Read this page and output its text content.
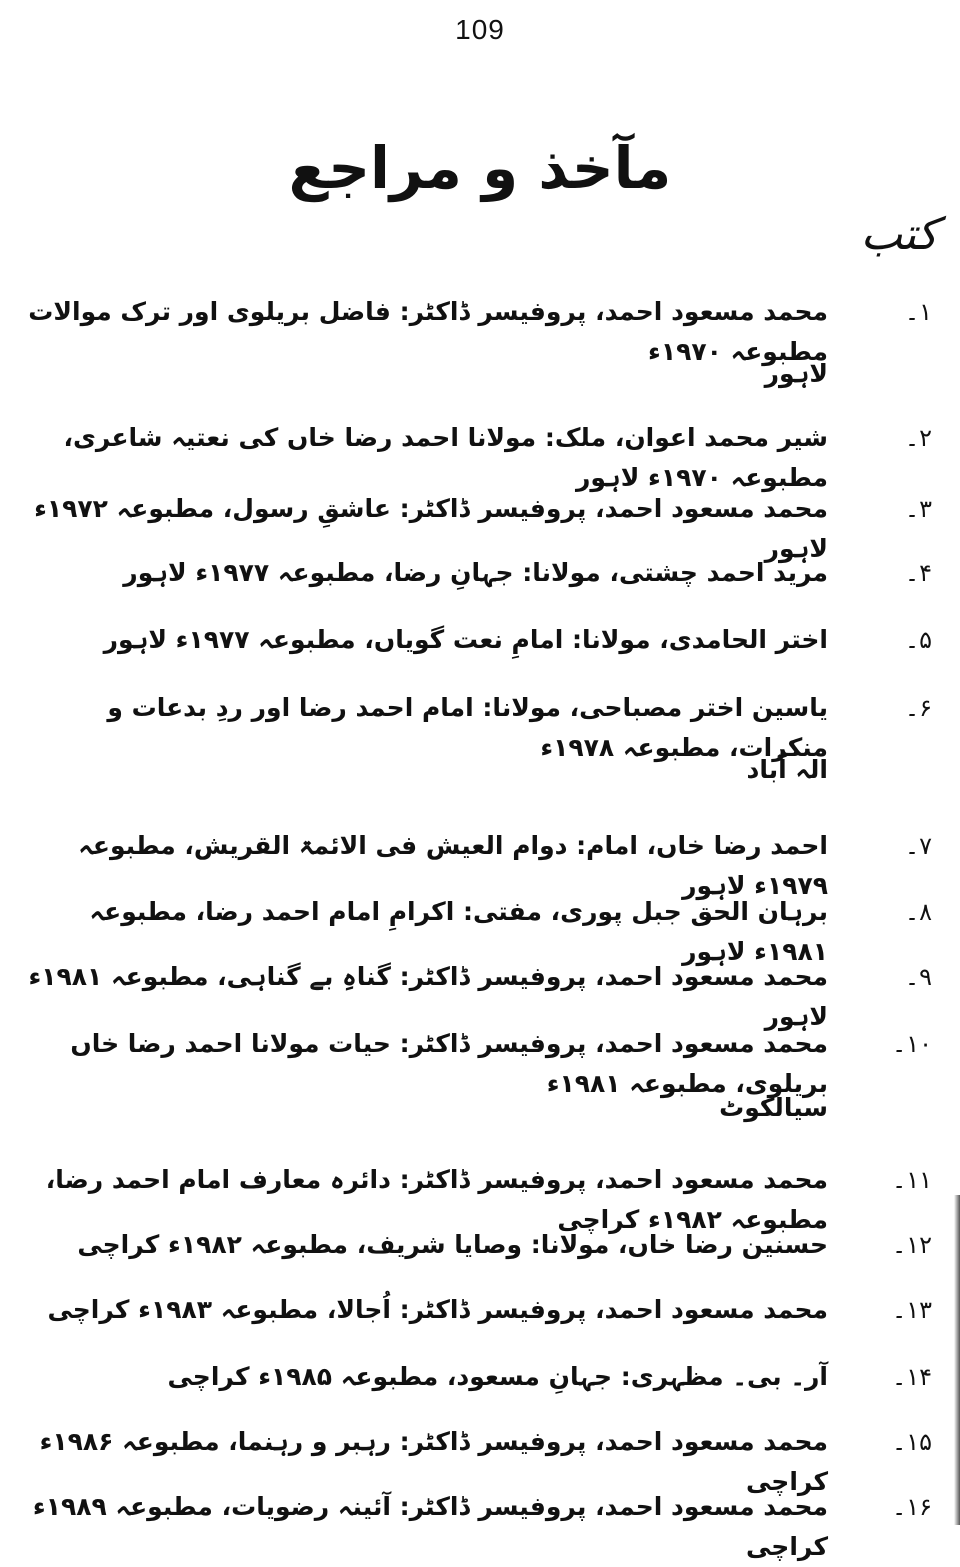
109
مآخذ و مراجع
کتب
۱۔
محمد مسعود احمد، پروفیسر ڈاکٹر: فاضل بریلوی اور ترک موالات مطبوعہ ۱۹۷۰ء
لاہور
۲۔
شیر محمد اعوان، ملک: مولانا احمد رضا خاں کی نعتیہ شاعری، مطبوعہ ۱۹۷۰ء لاہور
۳۔
محمد مسعود احمد، پروفیسر ڈاکٹر: عاشقِ رسول، مطبوعہ ۱۹۷۲ء لاہور
۴۔
مرید احمد چشتی، مولانا: جہانِ رضا، مطبوعہ ۱۹۷۷ء لاہور
۵۔
اختر الحامدی، مولانا: امامِ نعت گویاں، مطبوعہ ۱۹۷۷ء لاہور
۶۔
یاسین اختر مصباحی، مولانا: امام احمد رضا اور ردِ بدعات و منکرات، مطبوعہ ۱۹۷۸ء
الہ آباد
۷۔
احمد رضا خاں، امام: دوام العیش فی الائمۃ القریش، مطبوعہ ۱۹۷۹ء لاہور
۸۔
برہان الحق جبل پوری، مفتی: اکرامِ امام احمد رضا، مطبوعہ ۱۹۸۱ء لاہور
۹۔
محمد مسعود احمد، پروفیسر ڈاکٹر: گناہِ بے گناہی، مطبوعہ ۱۹۸۱ء لاہور
۱۰۔
محمد مسعود احمد، پروفیسر ڈاکٹر: حیات مولانا احمد رضا خاں بریلوی، مطبوعہ ۱۹۸۱ء
سیالکوٹ
۱۱۔
محمد مسعود احمد، پروفیسر ڈاکٹر: دائرہ معارف امام احمد رضا، مطبوعہ ۱۹۸۲ء کراچی
۱۲۔
حسنین رضا خاں، مولانا: وصایا شریف، مطبوعہ ۱۹۸۲ء کراچی
۱۳۔
محمد مسعود احمد، پروفیسر ڈاکٹر: اُجالا، مطبوعہ ۱۹۸۳ء کراچی
۱۴۔
آر۔ بی۔ مظہری: جہانِ مسعود، مطبوعہ ۱۹۸۵ء کراچی
۱۵۔
محمد مسعود احمد، پروفیسر ڈاکٹر: رہبر و رہنما، مطبوعہ ۱۹۸۶ء کراچی
۱۶۔
محمد مسعود احمد، پروفیسر ڈاکٹر: آئینہ رضویات، مطبوعہ ۱۹۸۹ء کراچی
